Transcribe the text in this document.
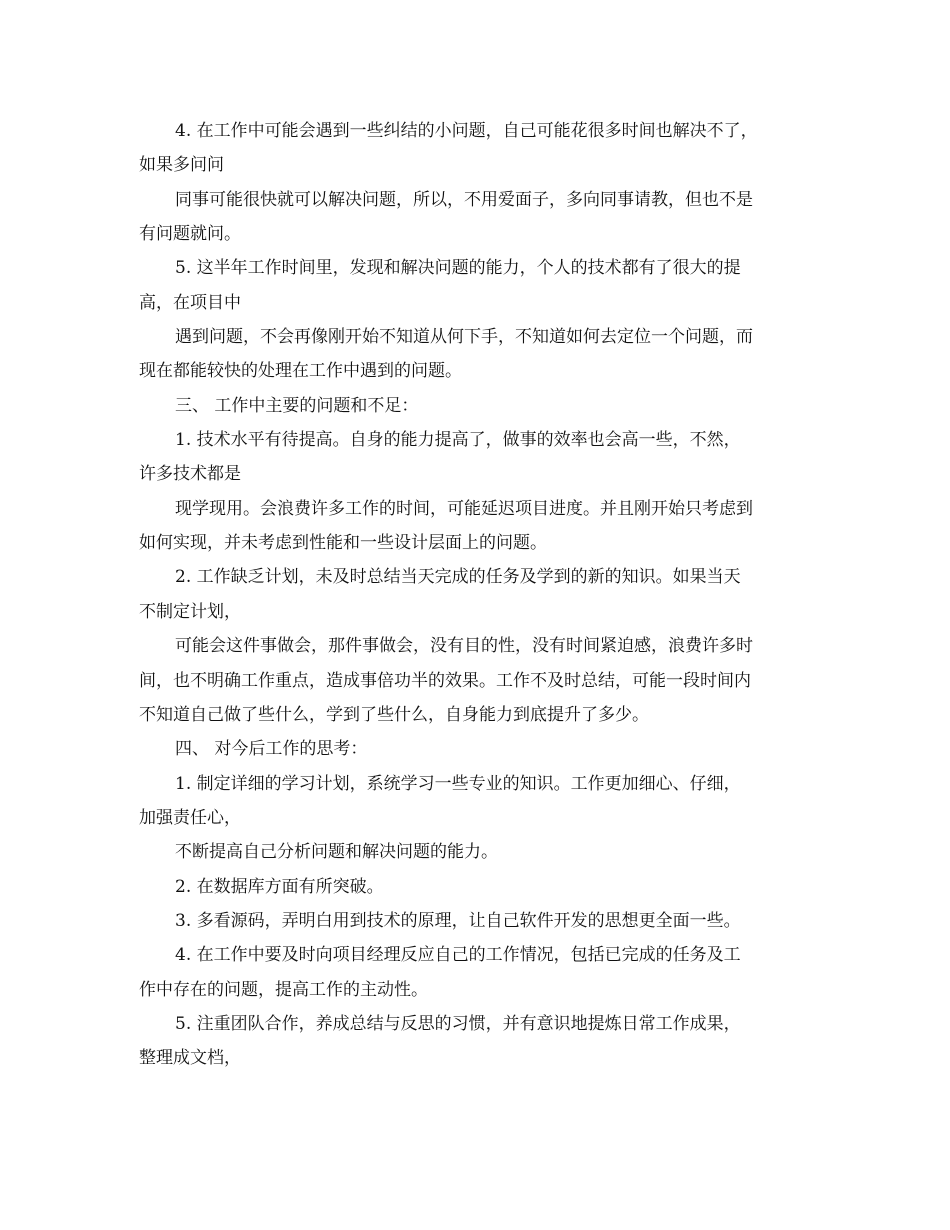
4. 在工作中可能会遇到一些纠结的小问题，自己可能花很多时间也解决不了，
如果多问问
同事可能很快就可以解决问题，所以，不用爱面子，多向同事请教，但也不是
有问题就问。
5. 这半年工作时间里，发现和解决问题的能力，个人的技术都有了很大的提
高，在项目中
遇到问题，不会再像刚开始不知道从何下手，不知道如何去定位一个问题，而
现在都能较快的处理在工作中遇到的问题。
三、 工作中主要的问题和不足：
1. 技术水平有待提高。自身的能力提高了，做事的效率也会高一些，不然，
许多技术都是
现学现用。会浪费许多工作的时间，可能延迟项目进度。并且刚开始只考虑到
如何实现，并未考虑到性能和一些设计层面上的问题。
2. 工作缺乏计划，未及时总结当天完成的任务及学到的新的知识。如果当天
不制定计划，
可能会这件事做会，那件事做会，没有目的性，没有时间紧迫感，浪费许多时
间，也不明确工作重点，造成事倍功半的效果。工作不及时总结，可能一段时间内
不知道自己做了些什么，学到了些什么，自身能力到底提升了多少。
四、 对今后工作的思考：
1. 制定详细的学习计划，系统学习一些专业的知识。工作更加细心、仔细，
加强责任心，
不断提高自己分析问题和解决问题的能力。
2. 在数据库方面有所突破。
3. 多看源码，弄明白用到技术的原理，让自己软件开发的思想更全面一些。
4. 在工作中要及时向项目经理反应自己的工作情况，包括已完成的任务及工
作中存在的问题，提高工作的主动性。
5. 注重团队合作，养成总结与反思的习惯，并有意识地提炼日常工作成果，
整理成文档，
